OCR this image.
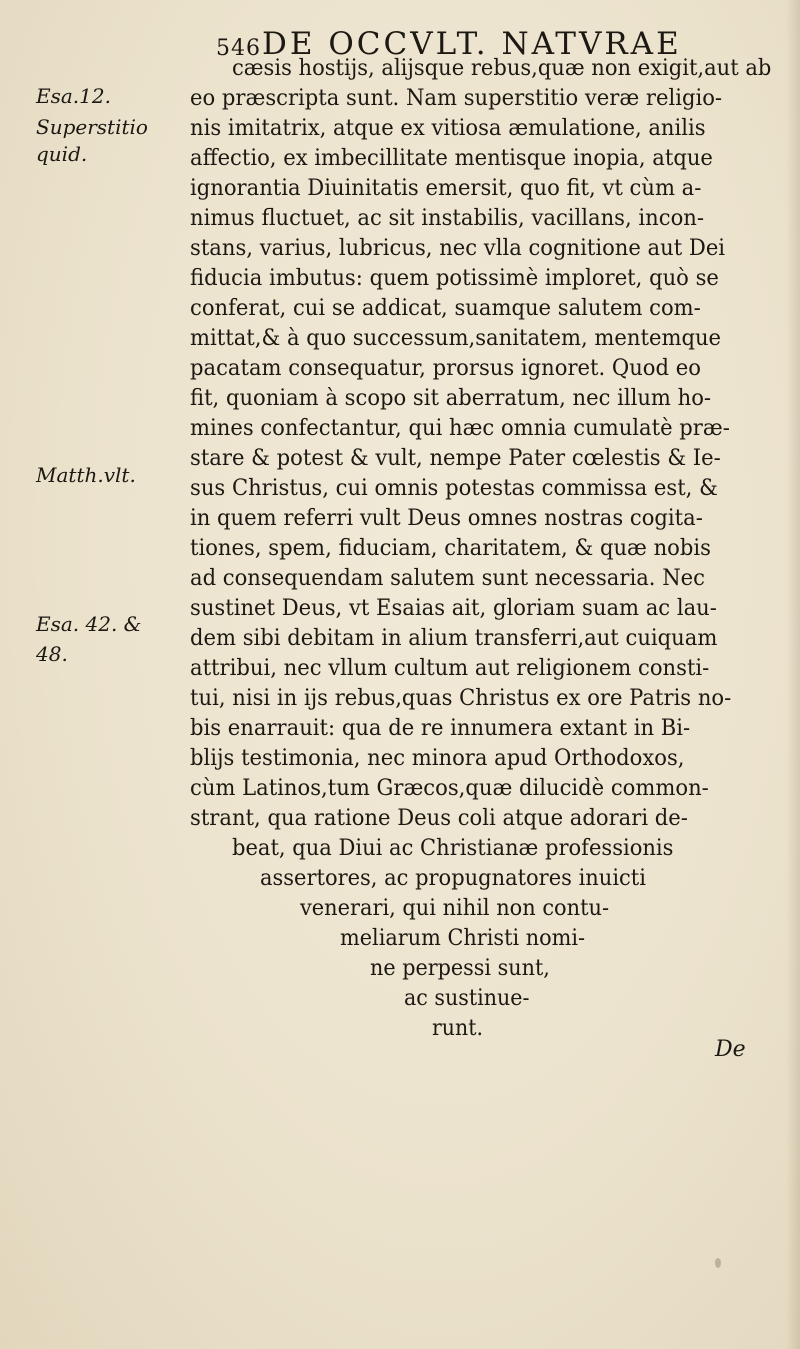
546 DE OCCVLT. NATVRAE
Esa.12.
Superstitio
quid.
Matth.vlt.
Esa. 42. &
48.
cæsis hostijs, alijsque rebus,quæ non exigit,aut ab
eo præscripta sunt. Nam superstitio veræ religio-
nis imitatrix, atque ex vitiosa æmulatione, anilis
affectio, ex imbecillitate mentisque inopia, atque
ignorantia Diuinitatis emersit, quo fit, vt cùm a-
nimus fluctuet, ac sit instabilis, vacillans, incon-
stans, varius, lubricus, nec vlla cognitione aut Dei
fiducia imbutus: quem potissimè imploret, quò se
conferat, cui se addicat, suamque salutem com-
mittat,& à quo successum,sanitatem, mentemque
pacatam consequatur, prorsus ignoret. Quod eo
fit, quoniam à scopo sit aberratum, nec illum ho-
mines confectantur, qui hæc omnia cumulatè præ-
stare & potest & vult, nempe Pater cœlestis & Ie-
sus Christus, cui omnis potestas commissa est, &
in quem referri vult Deus omnes nostras cogita-
tiones, spem, fiduciam, charitatem, & quæ nobis
ad consequendam salutem sunt necessaria. Nec
sustinet Deus, vt Esaias ait, gloriam suam ac lau-
dem sibi debitam in alium transferri,aut cuiquam
attribui, nec vllum cultum aut religionem consti-
tui, nisi in ijs rebus,quas Christus ex ore Patris no-
bis enarrauit: qua de re innumera extant in Bi-
blijs testimonia, nec minora apud Orthodoxos,
cùm Latinos,tum Græcos,quæ dilucidè common-
strant, qua ratione Deus coli atque adorari de-
beat, qua Diui ac Christianæ professionis
assertores, ac propugnatores inuicti
venerari, qui nihil non contu-
meliarum Christi nomi-
ne perpessi sunt,
ac sustinue-
runt.
De
